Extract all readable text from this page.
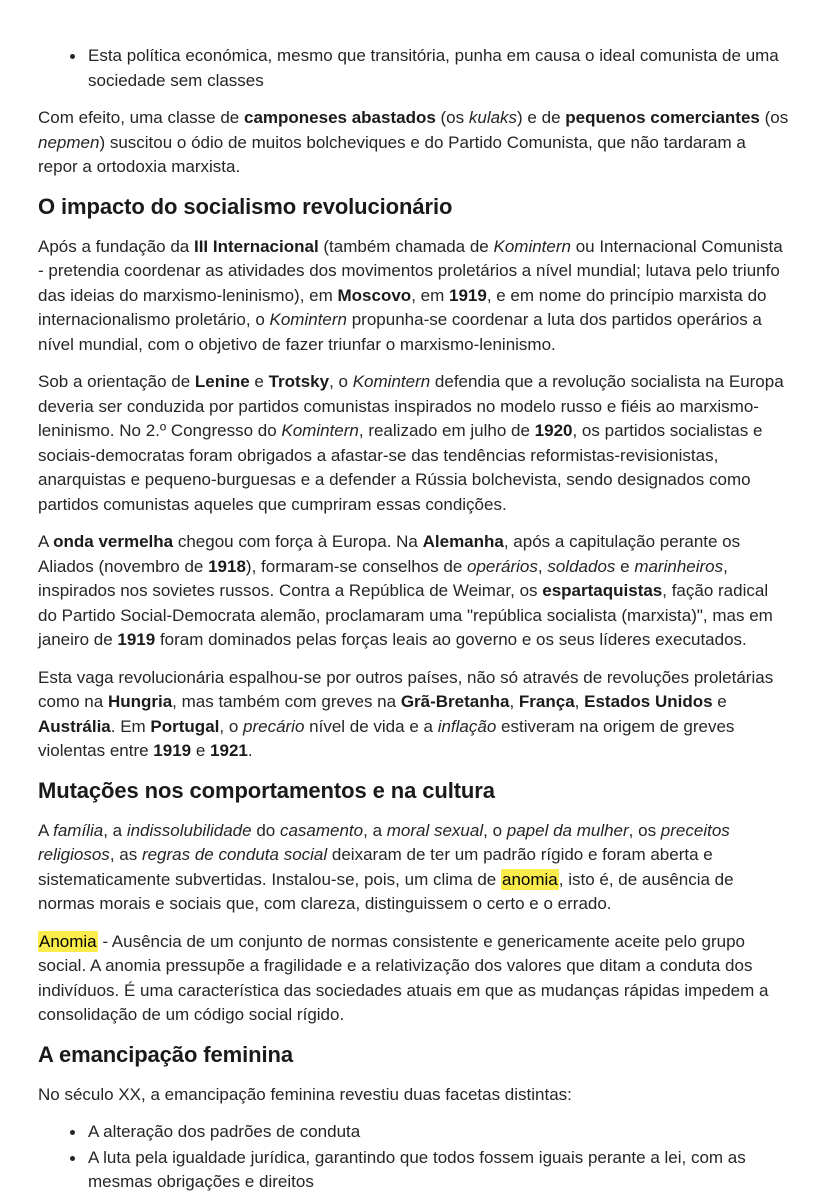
Esta política económica, mesmo que transitória, punha em causa o ideal comunista de uma sociedade sem classes

Com efeito, uma classe de camponeses abastados (os kulaks) e de pequenos comerciantes (os nepmen) suscitou o ódio de muitos bolcheviques e do Partido Comunista, que não tardaram a repor a ortodoxia marxista.

O impacto do socialismo revolucionário

Após a fundação da III Internacional (também chamada de Komintern ou Internacional Comunista - pretendia coordenar as atividades dos movimentos proletários a nível mundial; lutava pelo triunfo das ideias do marxismo-leninismo), em Moscovo, em 1919, e em nome do princípio marxista do internacionalismo proletário, o Komintern propunha-se coordenar a luta dos partidos operários a nível mundial, com o objetivo de fazer triunfar o marxismo-leninismo.

Sob a orientação de Lenine e Trotsky, o Komintern defendia que a revolução socialista na Europa deveria ser conduzida por partidos comunistas inspirados no modelo russo e fiéis ao marxismo-leninismo. No 2.º Congresso do Komintern, realizado em julho de 1920, os partidos socialistas e sociais-democratas foram obrigados a afastar-se das tendências reformistas-revisionistas, anarquistas e pequeno-burguesas e a defender a Rússia bolchevista, sendo designados como partidos comunistas aqueles que cumpriram essas condições.

A onda vermelha chegou com força à Europa. Na Alemanha, após a capitulação perante os Aliados (novembro de 1918), formaram-se conselhos de operários, soldados e marinheiros, inspirados nos sovietes russos. Contra a República de Weimar, os espartaquistas, fação radical do Partido Social-Democrata alemão, proclamaram uma "república socialista (marxista)", mas em janeiro de 1919 foram dominados pelas forças leais ao governo e os seus líderes executados.

Esta vaga revolucionária espalhou-se por outros países, não só através de revoluções proletárias como na Hungria, mas também com greves na Grã-Bretanha, França, Estados Unidos e Austrália. Em Portugal, o precário nível de vida e a inflação estiveram na origem de greves violentas entre 1919 e 1921.

Mutações nos comportamentos e na cultura

A família, a indissolubilidade do casamento, a moral sexual, o papel da mulher, os preceitos religiosos, as regras de conduta social deixaram de ter um padrão rígido e foram aberta e sistematicamente subvertidas. Instalou-se, pois, um clima de anomia, isto é, de ausência de normas morais e sociais que, com clareza, distinguissem o certo e o errado.

Anomia - Ausência de um conjunto de normas consistente e genericamente aceite pelo grupo social. A anomia pressupõe a fragilidade e a relativização dos valores que ditam a conduta dos indivíduos. É uma característica das sociedades atuais em que as mudanças rápidas impedem a consolidação de um código social rígido.

A emancipação feminina

No século XX, a emancipação feminina revestiu duas facetas distintas:

A alteração dos padrões de conduta
A luta pela igualdade jurídica, garantindo que todos fossem iguais perante a lei, com as mesmas obrigações e direitos
